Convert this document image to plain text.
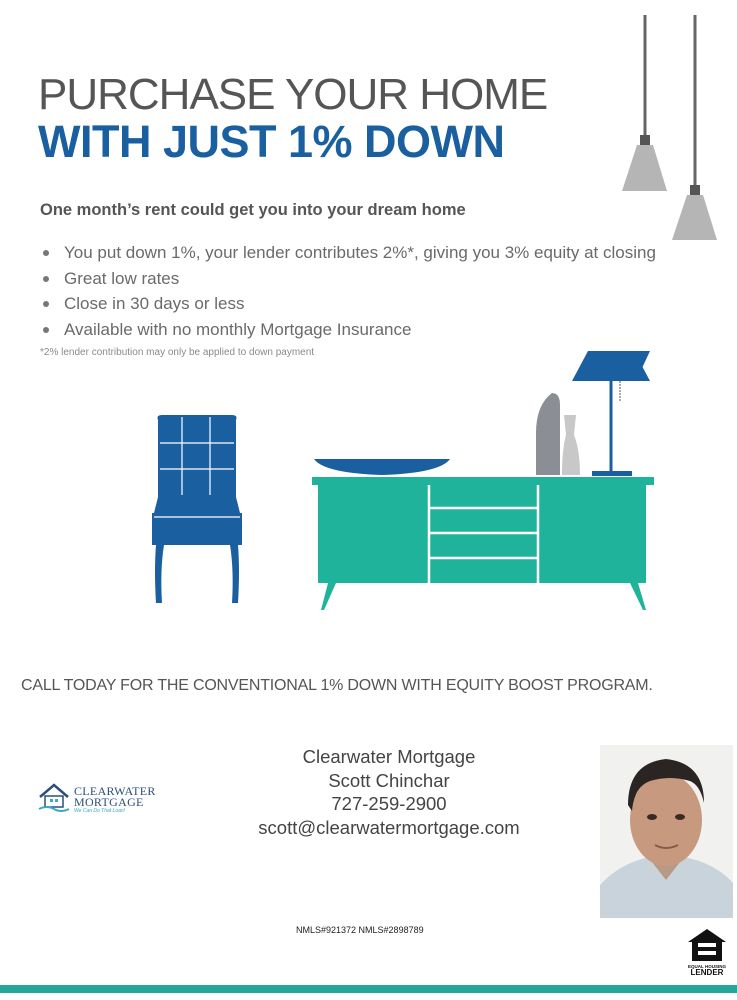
PURCHASE YOUR HOME
WITH JUST 1% DOWN
One month’s rent could get you into your dream home
You put down 1%, your lender contributes 2%*, giving you 3% equity at closing
Great low rates
Close in 30 days or less
Available with no monthly Mortgage Insurance
*2% lender contribution may only be applied to down payment
CALL TODAY FOR THE CONVENTIONAL 1% DOWN WITH EQUITY BOOST PROGRAM.
CLEARWATER
MORTGAGE
We Can Do That Loan!
Clearwater Mortgage
Scott Chinchar
727-259-2900
scott@clearwatermortgage.com
NMLS#921372 NMLS#2898789
EQUAL HOUSING
LENDER
